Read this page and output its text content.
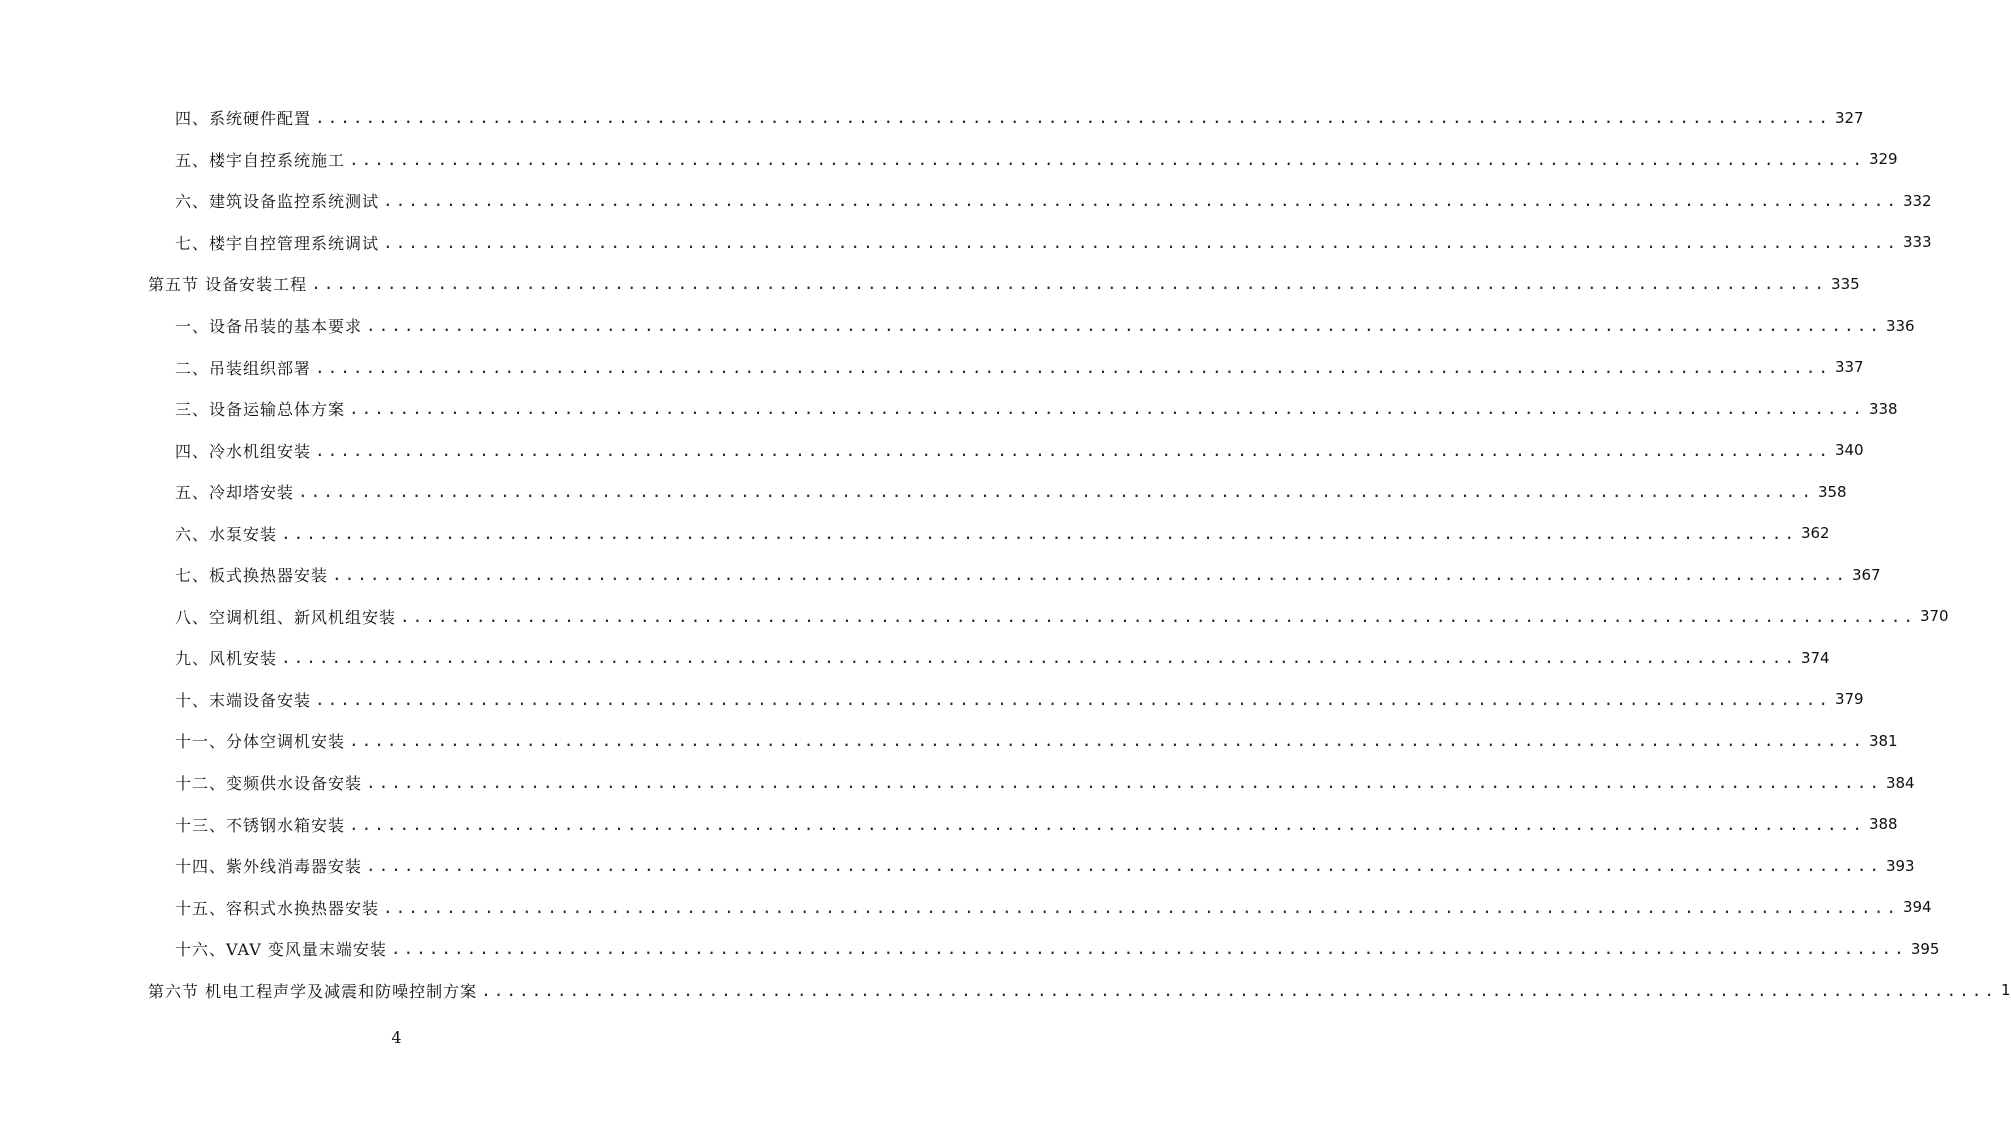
四、系统硬件配置 ........................................................................................................................ 327
五、楼宇自控系统施工 ........................................................................................................................ 329
六、建筑设备监控系统测试 ........................................................................................................................ 332
七、楼宇自控管理系统调试 ........................................................................................................................ 333
第五节 设备安装工程 ........................................................................................................................ 335
一、设备吊装的基本要求 ........................................................................................................................ 336
二、吊装组织部署 ........................................................................................................................ 337
三、设备运输总体方案 ........................................................................................................................ 338
四、冷水机组安装 ........................................................................................................................ 340
五、冷却塔安装 ........................................................................................................................ 358
六、水泵安装 ........................................................................................................................ 362
七、板式换热器安装 ........................................................................................................................ 367
八、空调机组、新风机组安装 ........................................................................................................................ 370
九、风机安装 ........................................................................................................................ 374
十、末端设备安装 ........................................................................................................................ 379
十一、分体空调机安装 ........................................................................................................................ 381
十二、变频供水设备安装 ........................................................................................................................ 384
十三、不锈钢水箱安装 ........................................................................................................................ 388
十四、紫外线消毒器安装 ........................................................................................................................ 393
十五、容积式水换热器安装 ........................................................................................................................ 394
十六、VAV 变风量末端安装 ........................................................................................................................ 395
第六节 机电工程声学及减震和防噪控制方案 ........................................................................................................................ 1
4
